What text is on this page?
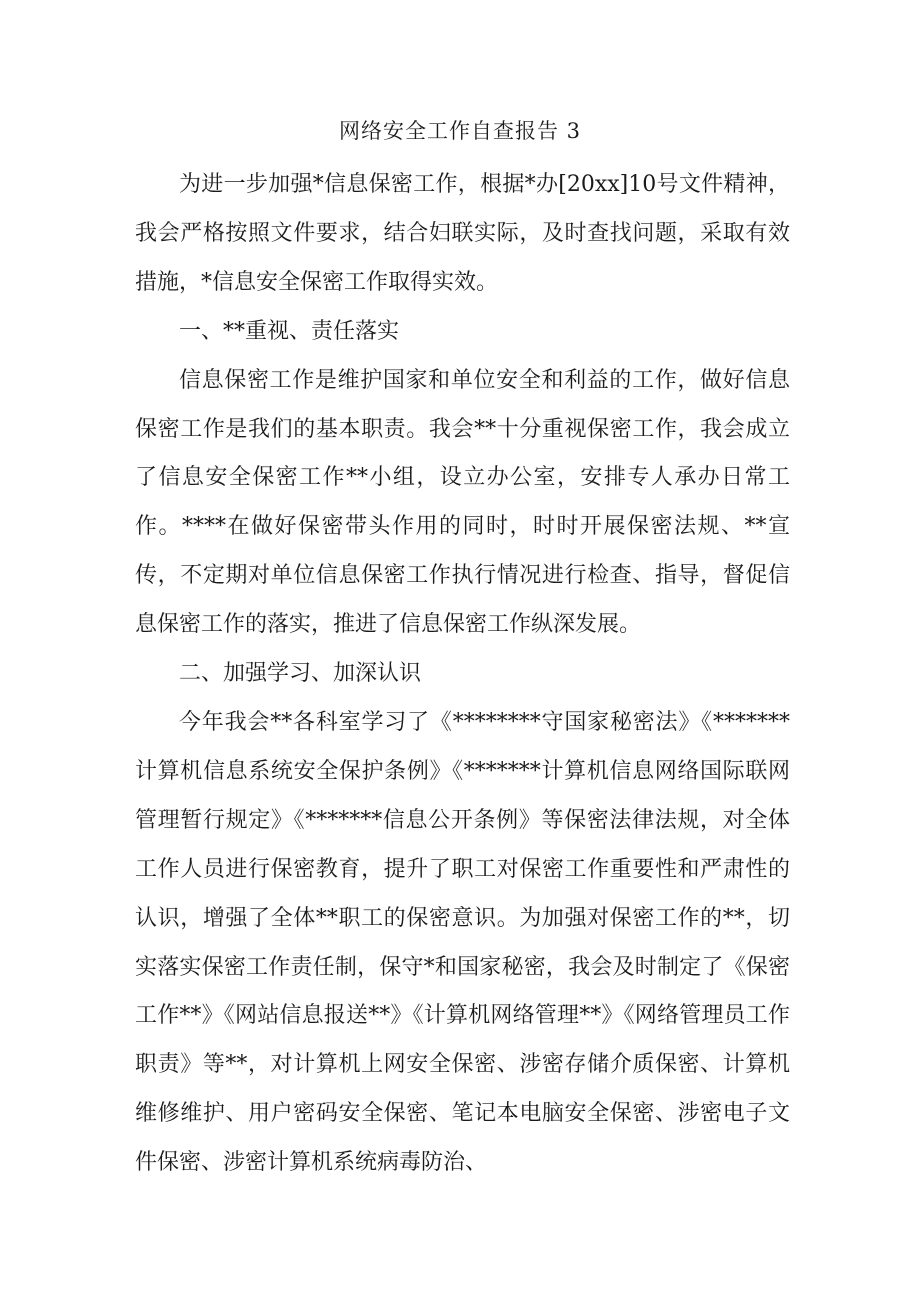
网络安全工作自查报告 3

为进一步加强*信息保密工作，根据*办[20xx]10号文件精神，我会严格按照文件要求，结合妇联实际，及时查找问题，采取有效措施，*信息安全保密工作取得实效。

一、**重视、责任落实

信息保密工作是维护国家和单位安全和利益的工作，做好信息保密工作是我们的基本职责。我会**十分重视保密工作，我会成立了信息安全保密工作**小组，设立办公室，安排专人承办日常工作。****在做好保密带头作用的同时，时时开展保密法规、**宣传，不定期对单位信息保密工作执行情况进行检查、指导，督促信息保密工作的落实，推进了信息保密工作纵深发展。

二、加强学习、加深认识

今年我会**各科室学习了《********守国家秘密法》《*******计算机信息系统安全保护条例》《*******计算机信息网络国际联网管理暂行规定》《*******信息公开条例》等保密法律法规，对全体工作人员进行保密教育，提升了职工对保密工作重要性和严肃性的认识，增强了全体**职工的保密意识。为加强对保密工作的**，切实落实保密工作责任制，保守*和国家秘密，我会及时制定了《保密工作**》《网站信息报送**》《计算机网络管理**》《网络管理员工作职责》等**，对计算机上网安全保密、涉密存储介质保密、计算机维修维护、用户密码安全保密、笔记本电脑安全保密、涉密电子文件保密、涉密计算机系统病毒防治、
